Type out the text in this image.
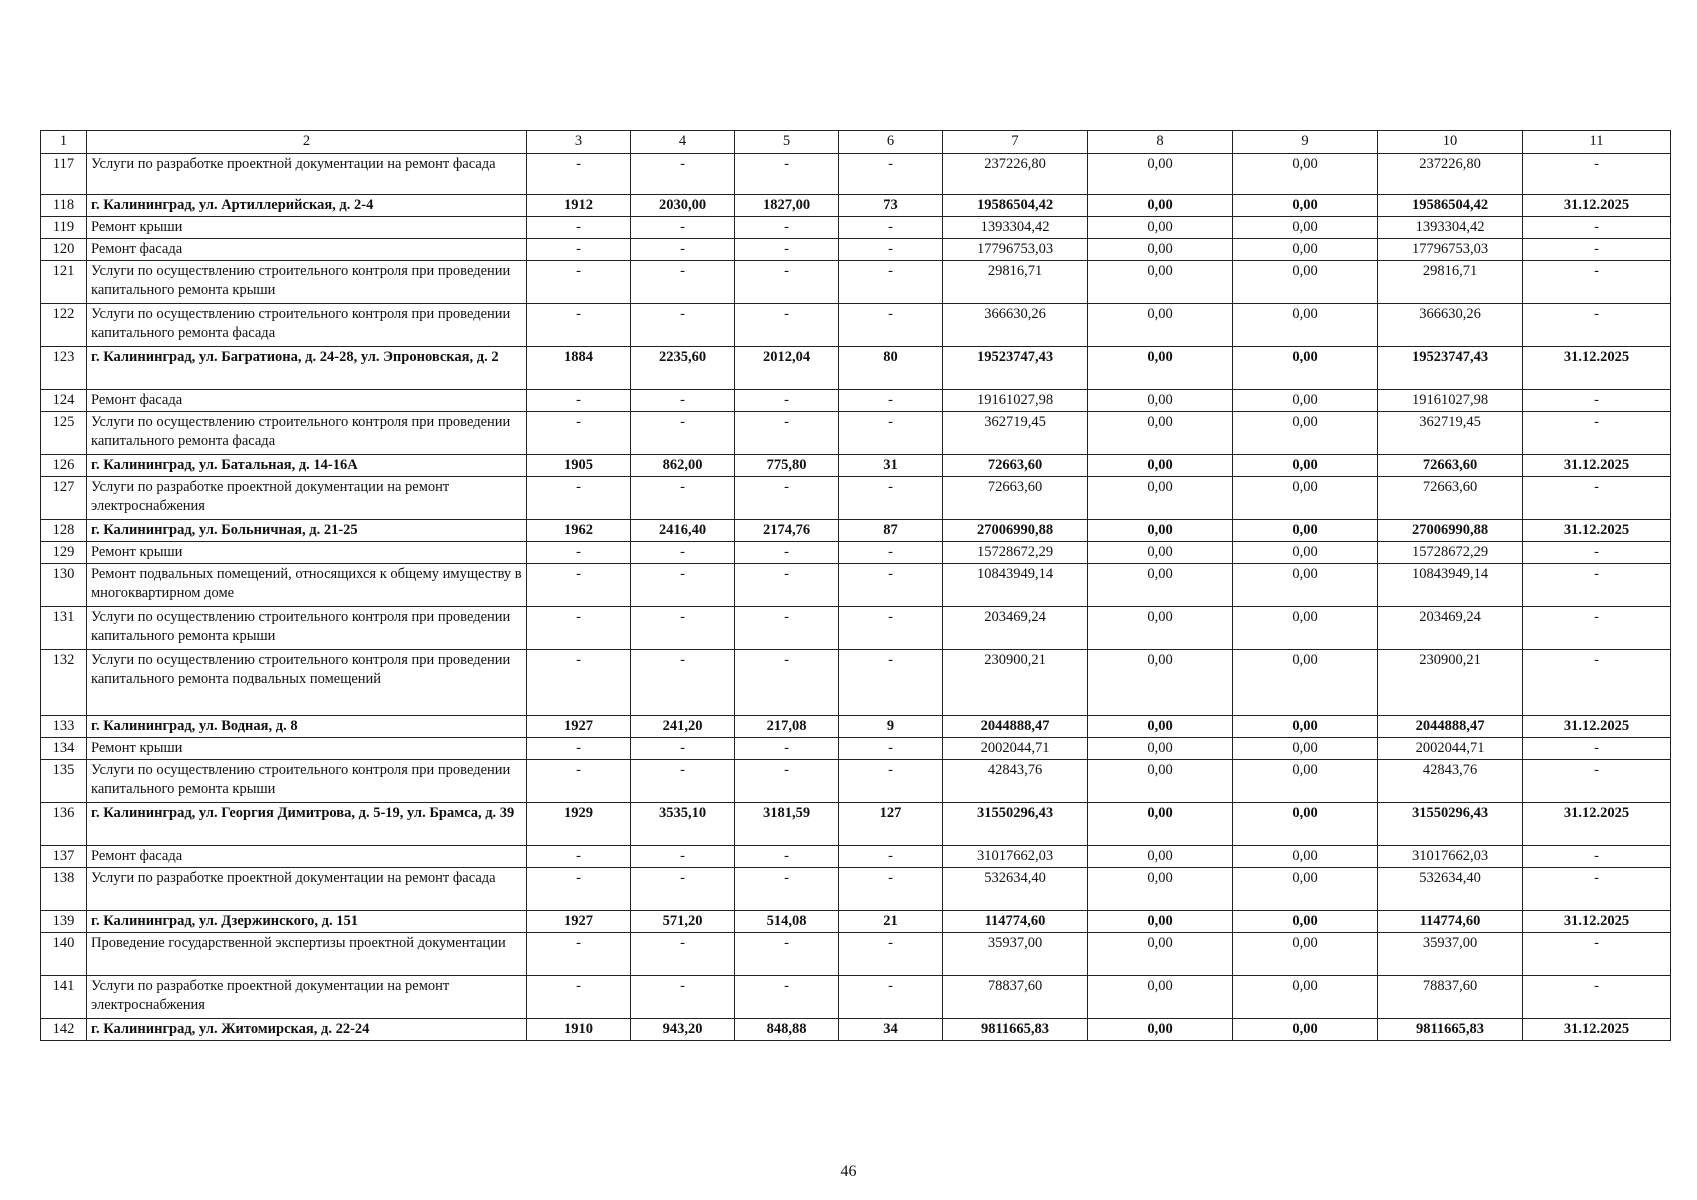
1	2	3	4	5	6	7	8	9	10	11
117	Услуги по разработке проектной документации на ремонт фасада	-	-	-	-	237226,80	0,00	0,00	237226,80	-
118	г. Калининград, ул. Артиллерийская, д. 2-4	1912	2030,00	1827,00	73	19586504,42	0,00	0,00	19586504,42	31.12.2025
119	Ремонт крыши	-	-	-	-	1393304,42	0,00	0,00	1393304,42	-
120	Ремонт фасада	-	-	-	-	17796753,03	0,00	0,00	17796753,03	-
121	Услуги по осуществлению строительного контроля при проведении капитального ремонта крыши	-	-	-	-	29816,71	0,00	0,00	29816,71	-
122	Услуги по осуществлению строительного контроля при проведении капитального ремонта фасада	-	-	-	-	366630,26	0,00	0,00	366630,26	-
123	г. Калининград, ул. Багратиона, д. 24-28, ул. Эпроновская, д. 2	1884	2235,60	2012,04	80	19523747,43	0,00	0,00	19523747,43	31.12.2025
124	Ремонт фасада	-	-	-	-	19161027,98	0,00	0,00	19161027,98	-
125	Услуги по осуществлению строительного контроля при проведении капитального ремонта фасада	-	-	-	-	362719,45	0,00	0,00	362719,45	-
126	г. Калининград, ул. Батальная, д. 14-16А	1905	862,00	775,80	31	72663,60	0,00	0,00	72663,60	31.12.2025
127	Услуги по разработке проектной документации на ремонт электроснабжения	-	-	-	-	72663,60	0,00	0,00	72663,60	-
128	г. Калининград, ул. Больничная, д. 21-25	1962	2416,40	2174,76	87	27006990,88	0,00	0,00	27006990,88	31.12.2025
129	Ремонт крыши	-	-	-	-	15728672,29	0,00	0,00	15728672,29	-
130	Ремонт подвальных помещений, относящихся к общему имуществу в многоквартирном доме	-	-	-	-	10843949,14	0,00	0,00	10843949,14	-
131	Услуги по осуществлению строительного контроля при проведении капитального ремонта крыши	-	-	-	-	203469,24	0,00	0,00	203469,24	-
132	Услуги по осуществлению строительного контроля при проведении капитального ремонта подвальных помещений	-	-	-	-	230900,21	0,00	0,00	230900,21	-
133	г. Калининград, ул. Водная, д. 8	1927	241,20	217,08	9	2044888,47	0,00	0,00	2044888,47	31.12.2025
134	Ремонт крыши	-	-	-	-	2002044,71	0,00	0,00	2002044,71	-
135	Услуги по осуществлению строительного контроля при проведении капитального ремонта крыши	-	-	-	-	42843,76	0,00	0,00	42843,76	-
136	г. Калининград, ул. Георгия Димитрова, д. 5-19, ул. Брамса, д. 39	1929	3535,10	3181,59	127	31550296,43	0,00	0,00	31550296,43	31.12.2025
137	Ремонт фасада	-	-	-	-	31017662,03	0,00	0,00	31017662,03	-
138	Услуги по разработке проектной документации на ремонт фасада	-	-	-	-	532634,40	0,00	0,00	532634,40	-
139	г. Калининград, ул. Дзержинского, д. 151	1927	571,20	514,08	21	114774,60	0,00	0,00	114774,60	31.12.2025
140	Проведение государственной экспертизы проектной документации	-	-	-	-	35937,00	0,00	0,00	35937,00	-
141	Услуги по разработке проектной документации на ремонт электроснабжения	-	-	-	-	78837,60	0,00	0,00	78837,60	-
142	г. Калининград, ул. Житомирская, д. 22-24	1910	943,20	848,88	34	9811665,83	0,00	0,00	9811665,83	31.12.2025
46
